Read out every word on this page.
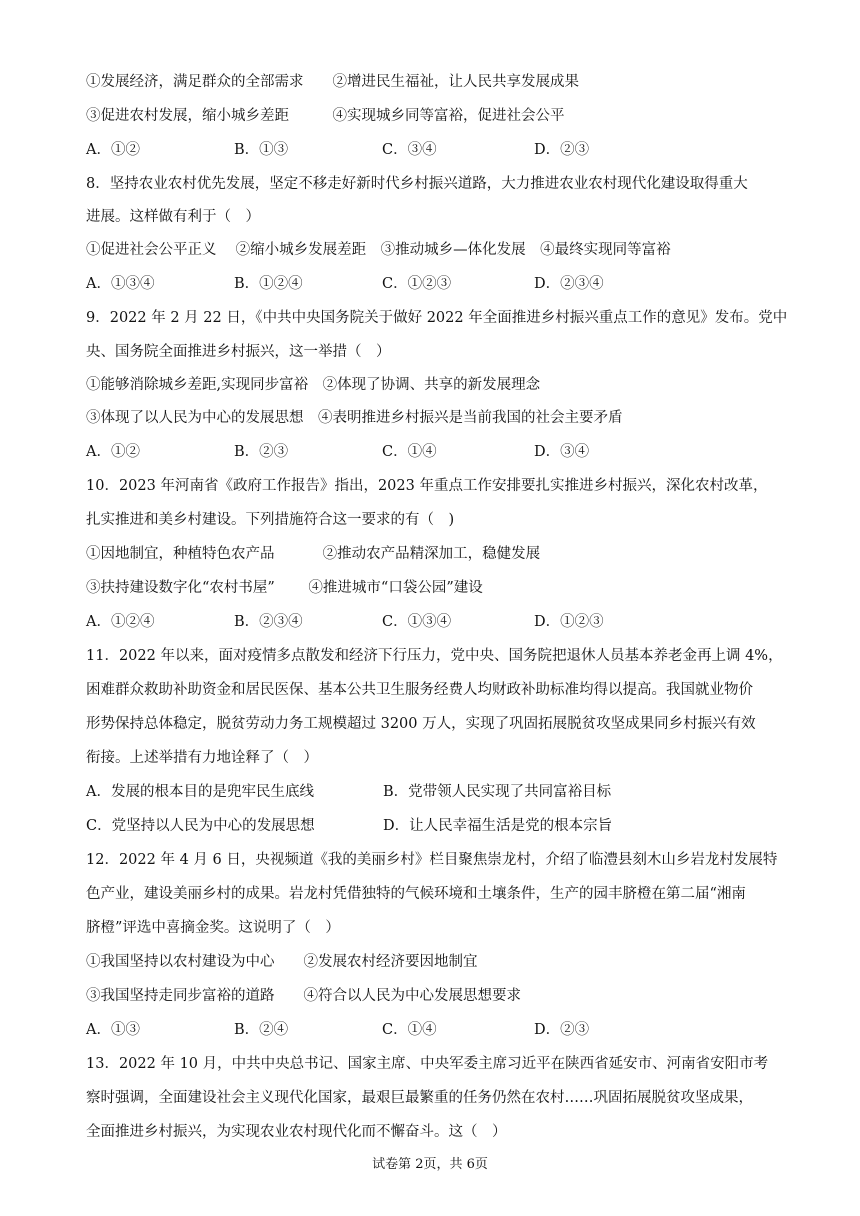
①发展经济，满足群众的全部需求　　②增进民生福祉，让人民共享发展成果
③促进农村发展，缩小城乡差距　　　④实现城乡同等富裕，促进社会公平
A．①②	B．①③	C．③④	D．②③
8．坚持农业农村优先发展，坚定不移走好新时代乡村振兴道路，大力推进农业农村现代化建设取得重大
进展。这样做有利于（　）
①促进社会公平正义　 ②缩小城乡发展差距　③推动城乡—体化发展　④最终实现同等富裕
A．①③④	B．①②④	C．①②③	D．②③④
9．2022 年 2 月 22 日，《中共中央国务院关于做好 2022 年全面推进乡村振兴重点工作的意见》发布。党中
央、国务院全面推进乡村振兴，这一举措（　）
①能够消除城乡差距,实现同步富裕　②体现了协调、共享的新发展理念
③体现了以人民为中心的发展思想　④表明推进乡村振兴是当前我国的社会主要矛盾
A．①②	B．②③	C．①④	D．③④
10．2023 年河南省《政府工作报告》指出，2023 年重点工作安排要扎实推进乡村振兴，深化农村改革，
扎实推进和美乡村建设。下列措施符合这一要求的有（　)
①因地制宜，种植特色农产品　　　 ②推动农产品精深加工，稳健发展
③扶持建设数字化“农村书屋”　　 ④推进城市“口袋公园”建设
A．①②④	B．②③④	C．①③④	D．①②③
11．2022 年以来，面对疫情多点散发和经济下行压力，党中央、国务院把退休人员基本养老金再上调 4%，
困难群众救助补助资金和居民医保、基本公共卫生服务经费人均财政补助标准均得以提高。我国就业物价
形势保持总体稳定，脱贫劳动力务工规模超过 3200 万人，实现了巩固拓展脱贫攻坚成果同乡村振兴有效
衔接。上述举措有力地诠释了（　）
A．发展的根本目的是兜牢民生底线	B．党带领人民实现了共同富裕目标
C．党坚持以人民为中心的发展思想	D．让人民幸福生活是党的根本宗旨
12．2022 年 4 月 6 日，央视频道《我的美丽乡村》栏目聚焦崇龙村，介绍了临澧县刻木山乡岩龙村发展特
色产业，建设美丽乡村的成果。岩龙村凭借独特的气候环境和土壤条件，生产的园丰脐橙在第二届“湘南
脐橙”评选中喜摘金奖。这说明了（　）
①我国坚持以农村建设为中心　　②发展农村经济要因地制宜
③我国坚持走同步富裕的道路　　④符合以人民为中心发展思想要求
A．①③	B．②④	C．①④	D．②③
13．2022 年 10 月，中共中央总书记、国家主席、中央军委主席习近平在陕西省延安市、河南省安阳市考
察时强调，全面建设社会主义现代化国家，最艰巨最繁重的任务仍然在农村……巩固拓展脱贫攻坚成果，
全面推进乡村振兴，为实现农业农村现代化而不懈奋斗。这（　）
试卷第 2页，共 6页
